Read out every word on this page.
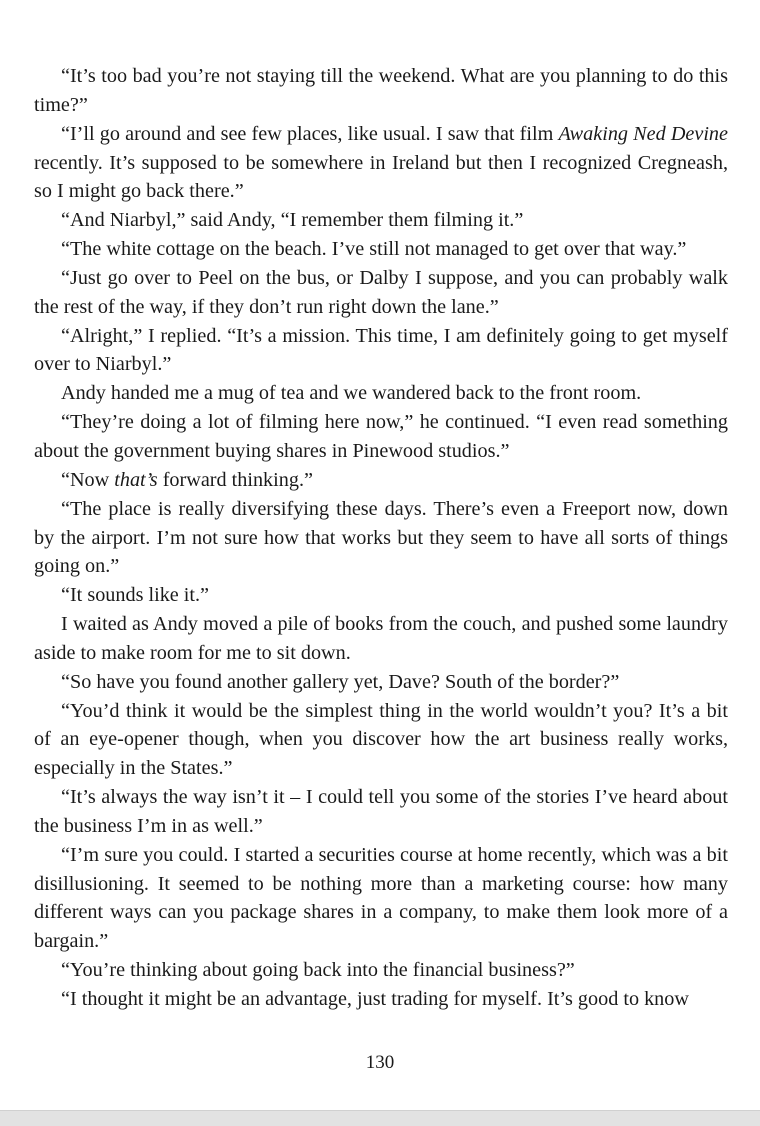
“It’s too bad you’re not staying till the weekend. What are you planning to do this time?”

“I’ll go around and see few places, like usual. I saw that film Awaking Ned Devine recently. It’s supposed to be somewhere in Ireland but then I recognized Cregneash, so I might go back there.”

“And Niarbyl,” said Andy, “I remember them filming it.”

“The white cottage on the beach. I’ve still not managed to get over that way.”

“Just go over to Peel on the bus, or Dalby I suppose, and you can probably walk the rest of the way, if they don’t run right down the lane.”

“Alright,” I replied. “It’s a mission. This time, I am definitely going to get myself over to Niarbyl.”

Andy handed me a mug of tea and we wandered back to the front room.

“They’re doing a lot of filming here now,” he continued. “I even read something about the government buying shares in Pinewood studios.”

“Now that’s forward thinking.”

“The place is really diversifying these days. There’s even a Freeport now, down by the airport. I’m not sure how that works but they seem to have all sorts of things going on.”

“It sounds like it.”

I waited as Andy moved a pile of books from the couch, and pushed some laundry aside to make room for me to sit down.

“So have you found another gallery yet, Dave? South of the border?”

“You’d think it would be the simplest thing in the world wouldn’t you? It’s a bit of an eye-opener though, when you discover how the art business really works, especially in the States.”

“It’s always the way isn’t it – I could tell you some of the stories I’ve heard about the business I’m in as well.”

“I’m sure you could. I started a securities course at home recently, which was a bit disillusioning. It seemed to be nothing more than a marketing course: how many different ways can you package shares in a company, to make them look more of a bargain.”

“You’re thinking about going back into the financial business?”

“I thought it might be an advantage, just trading for myself. It’s good to know

130
